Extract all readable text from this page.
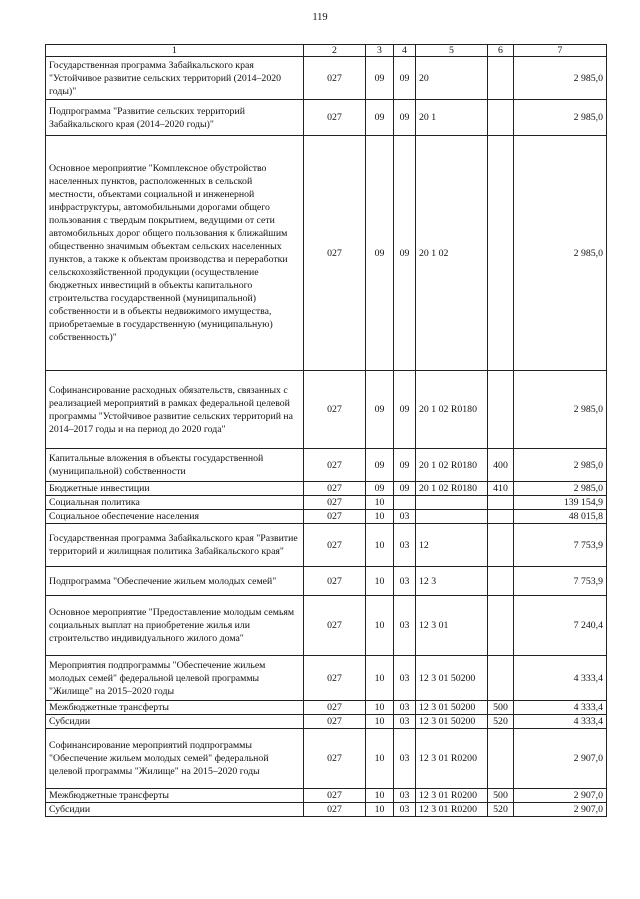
119
1	2	3	4	5	6	7
Государственная программа Забайкальского края "Устойчивое развитие сельских территорий (2014–2020 годы)"	027	09	09	20		2 985,0
Подпрограмма "Развитие сельских территорий Забайкальского края (2014–2020 годы)"	027	09	09	20 1		2 985,0
Основное мероприятие "Комплексное обустройство населенных пунктов, расположенных в сельской местности, объектами социальной и инженерной инфраструктуры, автомобильными дорогами общего пользования с твердым покрытием, ведущими от сети автомобильных дорог общего пользования к ближайшим общественно значимым объектам сельских населенных пунктов, а также к объектам производства и переработки сельскохозяйственной продукции (осуществление бюджетных инвестиций в объекты капитального строительства государственной (муниципальной) собственности и в объекты недвижимого имущества, приобретаемые в государственную (муниципальную) собственность)"	027	09	09	20 1 02		2 985,0
Софинансирование расходных обязательств, связанных с реализацией мероприятий в рамках федеральной целевой программы "Устойчивое развитие сельских территорий на 2014–2017 годы и на период до 2020 года"	027	09	09	20 1 02 R0180		2 985,0
Капитальные вложения в объекты государственной (муниципальной) собственности	027	09	09	20 1 02 R0180	400	2 985,0
Бюджетные инвестиции	027	09	09	20 1 02 R0180	410	2 985,0
Социальная политика	027	10				139 154,9
Социальное обеспечение населения	027	10	03			48 015,8
Государственная программа Забайкальского края "Развитие территорий и жилищная политика Забайкальского края"	027	10	03	12		7 753,9
Подпрограмма "Обеспечение жильем молодых семей"	027	10	03	12 3		7 753,9
Основное мероприятие "Предоставление молодым семьям социальных выплат на приобретение жилья или строительство индивидуального жилого дома"	027	10	03	12 3 01		7 240,4
Мероприятия подпрограммы "Обеспечение жильем молодых семей" федеральной целевой программы "Жилище" на 2015–2020 годы	027	10	03	12 3 01 50200		4 333,4
Межбюджетные трансферты	027	10	03	12 3 01 50200	500	4 333,4
Субсидии	027	10	03	12 3 01 50200	520	4 333,4
Софинансирование мероприятий подпрограммы "Обеспечение жильем молодых семей" федеральной целевой программы "Жилище" на 2015–2020 годы	027	10	03	12 3 01 R0200		2 907,0
Межбюджетные трансферты	027	10	03	12 3 01 R0200	500	2 907,0
Субсидии	027	10	03	12 3 01 R0200	520	2 907,0
